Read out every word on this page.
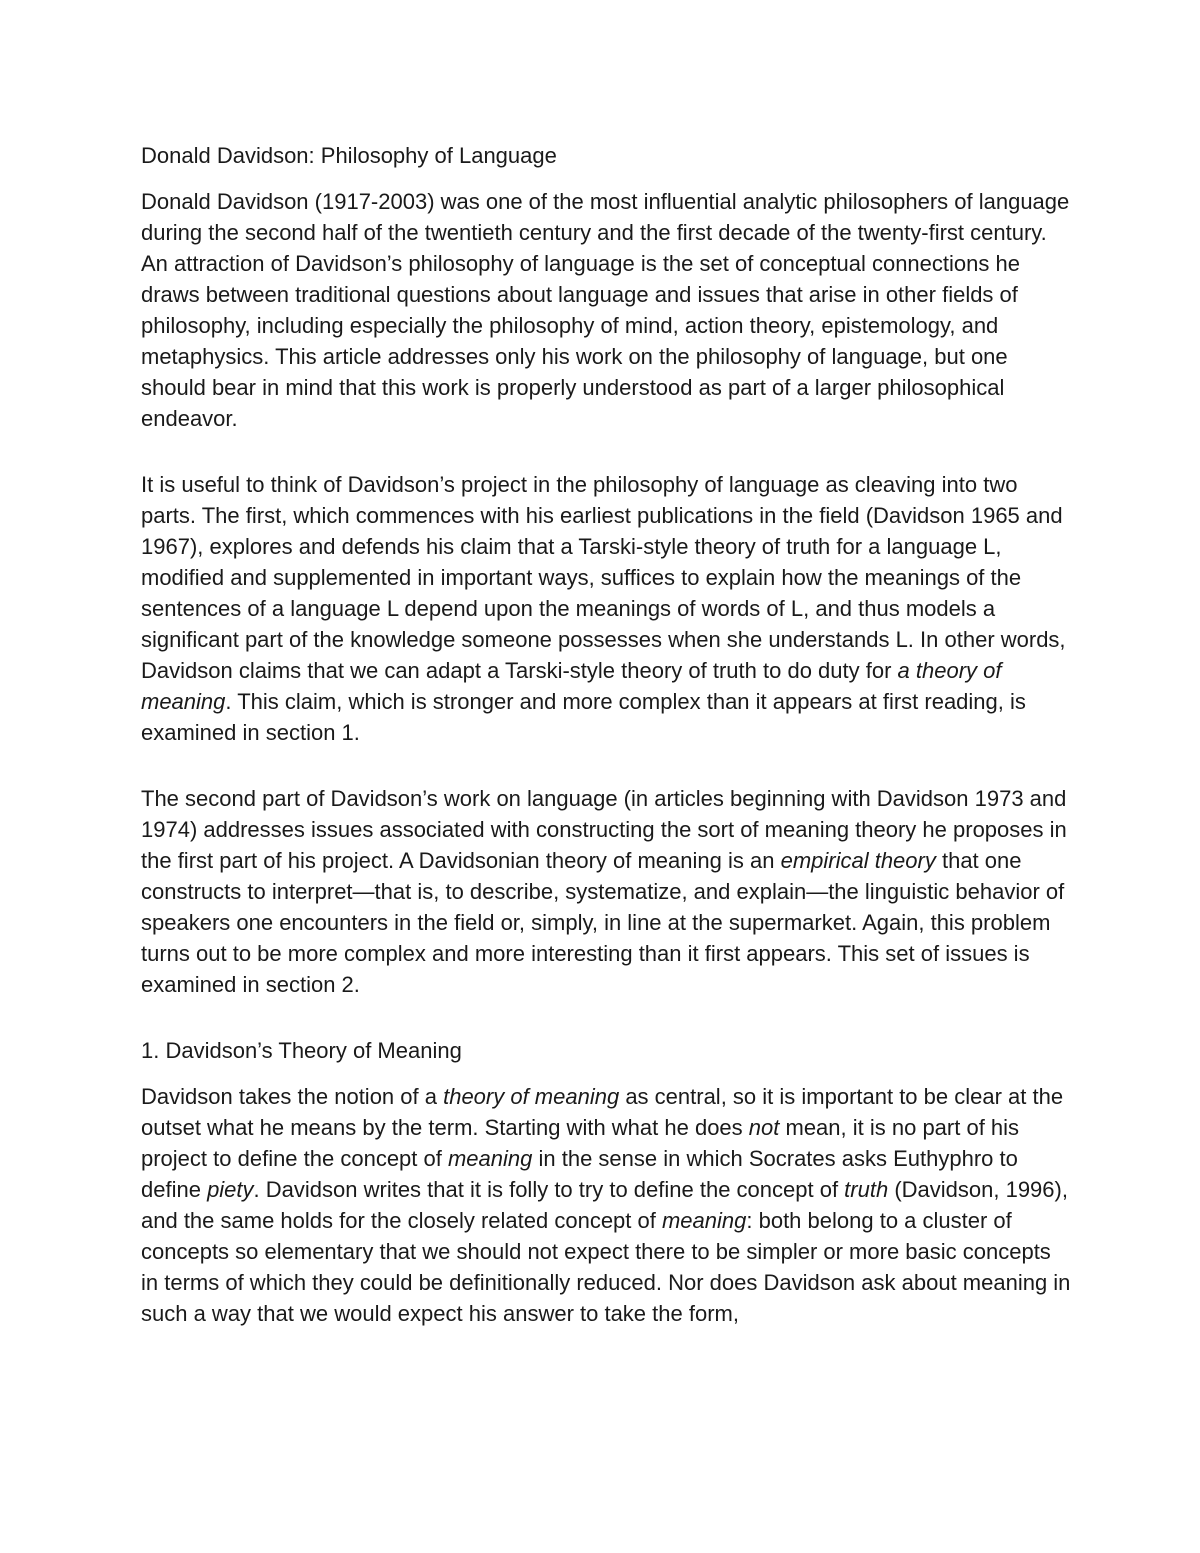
Donald Davidson: Philosophy of Language

Donald Davidson (1917-2003) was one of the most influential analytic philosophers of language during the second half of the twentieth century and the first decade of the twenty-first century. An attraction of Davidson’s philosophy of language is the set of conceptual connections he draws between traditional questions about language and issues that arise in other fields of philosophy, including especially the philosophy of mind, action theory, epistemology, and metaphysics. This article addresses only his work on the philosophy of language, but one should bear in mind that this work is properly understood as part of a larger philosophical endeavor.

It is useful to think of Davidson’s project in the philosophy of language as cleaving into two parts. The first, which commences with his earliest publications in the field (Davidson 1965 and 1967), explores and defends his claim that a Tarski-style theory of truth for a language L, modified and supplemented in important ways, suffices to explain how the meanings of the sentences of a language L depend upon the meanings of words of L, and thus models a significant part of the knowledge someone possesses when she understands L. In other words, Davidson claims that we can adapt a Tarski-style theory of truth to do duty for a theory of meaning. This claim, which is stronger and more complex than it appears at first reading, is examined in section 1.

The second part of Davidson’s work on language (in articles beginning with Davidson 1973 and 1974) addresses issues associated with constructing the sort of meaning theory he proposes in the first part of his project. A Davidsonian theory of meaning is an empirical theory that one constructs to interpret—that is, to describe, systematize, and explain—the linguistic behavior of speakers one encounters in the field or, simply, in line at the supermarket. Again, this problem turns out to be more complex and more interesting than it first appears. This set of issues is examined in section 2.

1. Davidson’s Theory of Meaning

Davidson takes the notion of a theory of meaning as central, so it is important to be clear at the outset what he means by the term. Starting with what he does not mean, it is no part of his project to define the concept of meaning in the sense in which Socrates asks Euthyphro to define piety. Davidson writes that it is folly to try to define the concept of truth (Davidson, 1996), and the same holds for the closely related concept of meaning: both belong to a cluster of concepts so elementary that we should not expect there to be simpler or more basic concepts in terms of which they could be definitionally reduced. Nor does Davidson ask about meaning in such a way that we would expect his answer to take the form,
